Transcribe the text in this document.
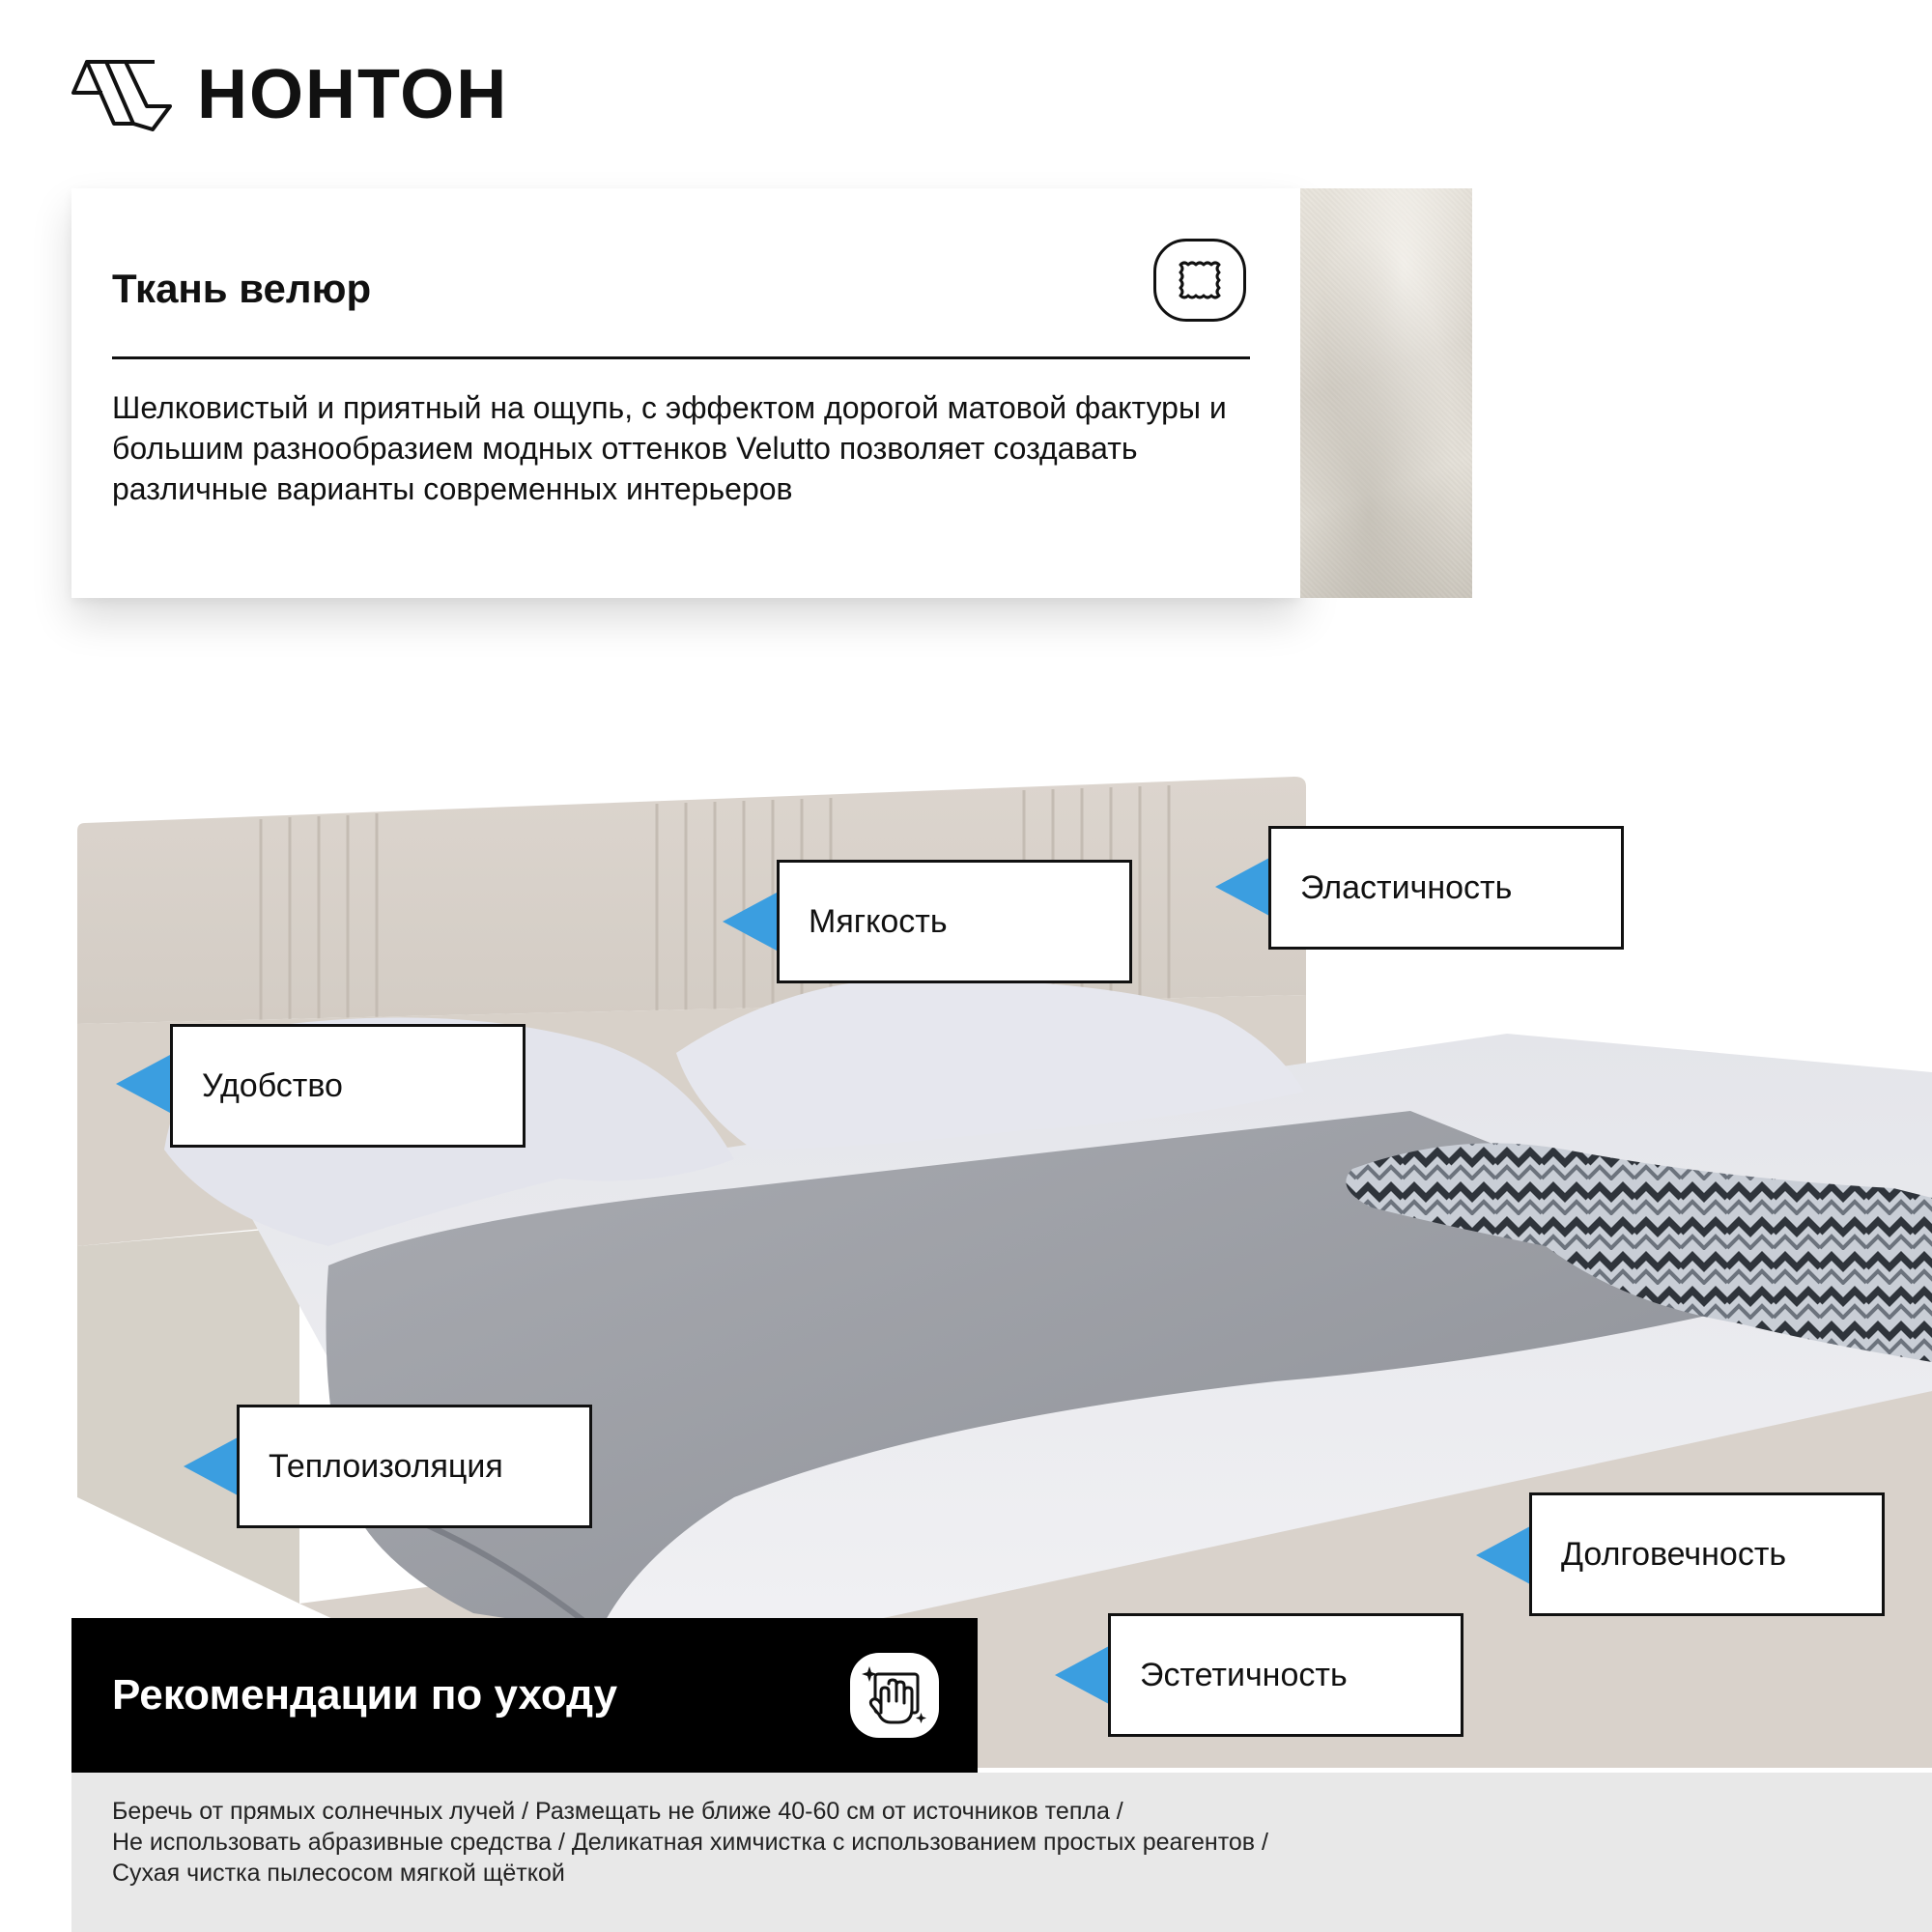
НОНТОН
Ткань велюр
Шелковистый и приятный на ощупь, с эффектом дорогой матовой фактуры и большим разнообразием модных оттенков Velutto позволяет создавать различные варианты современных интерьеров
Мягкость
Эластичность
Удобство
Теплоизоляция
Долговечность
Эстетичность
Рекомендации по уходу
Беречь от прямых солнечных лучей / Размещать не ближе 40-60 см от источников тепла /
Не использовать абразивные средства / Деликатная химчистка с использованием простых реагентов /
Сухая чистка пылесосом мягкой щёткой
